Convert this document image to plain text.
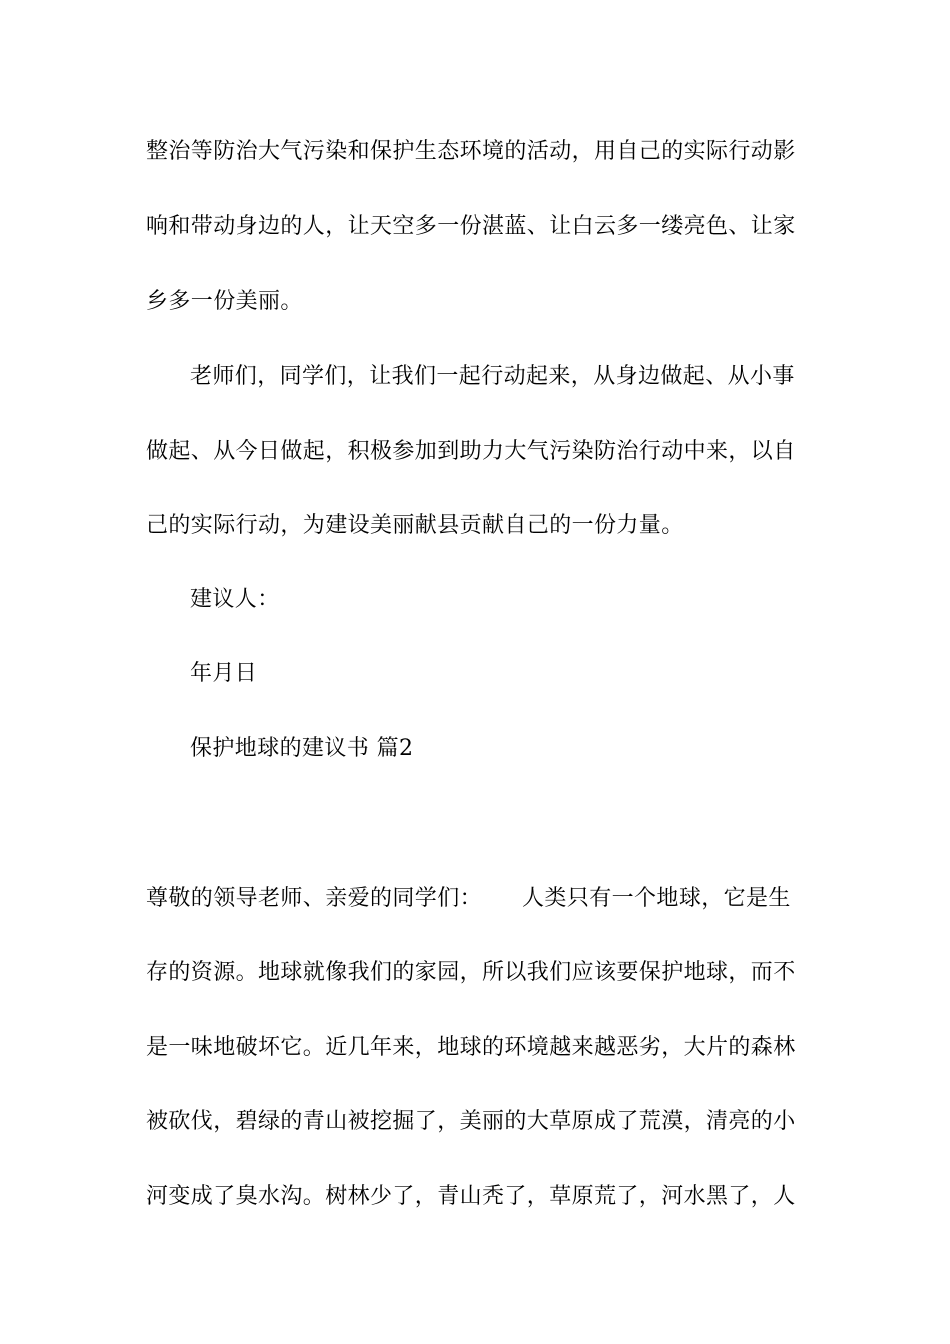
整治等防治大气污染和保护生态环境的活动，用自己的实际行动影
响和带动身边的人，让天空多一份湛蓝、让白云多一缕亮色、让家
乡多一份美丽。
老师们，同学们，让我们一起行动起来，从身边做起、从小事
做起、从今日做起，积极参加到助力大气污染防治行动中来，以自
己的实际行动，为建设美丽献县贡献自己的一份力量。
建议人：
年月日
保护地球的建议书 篇2
尊敬的领导老师、亲爱的同学们： 人类只有一个地球，它是生
存的资源。地球就像我们的家园，所以我们应该要保护地球，而不
是一味地破坏它。近几年来，地球的环境越来越恶劣，大片的森林
被砍伐，碧绿的青山被挖掘了，美丽的大草原成了荒漠，清亮的小
河变成了臭水沟。树林少了，青山秃了，草原荒了，河水黑了，人
